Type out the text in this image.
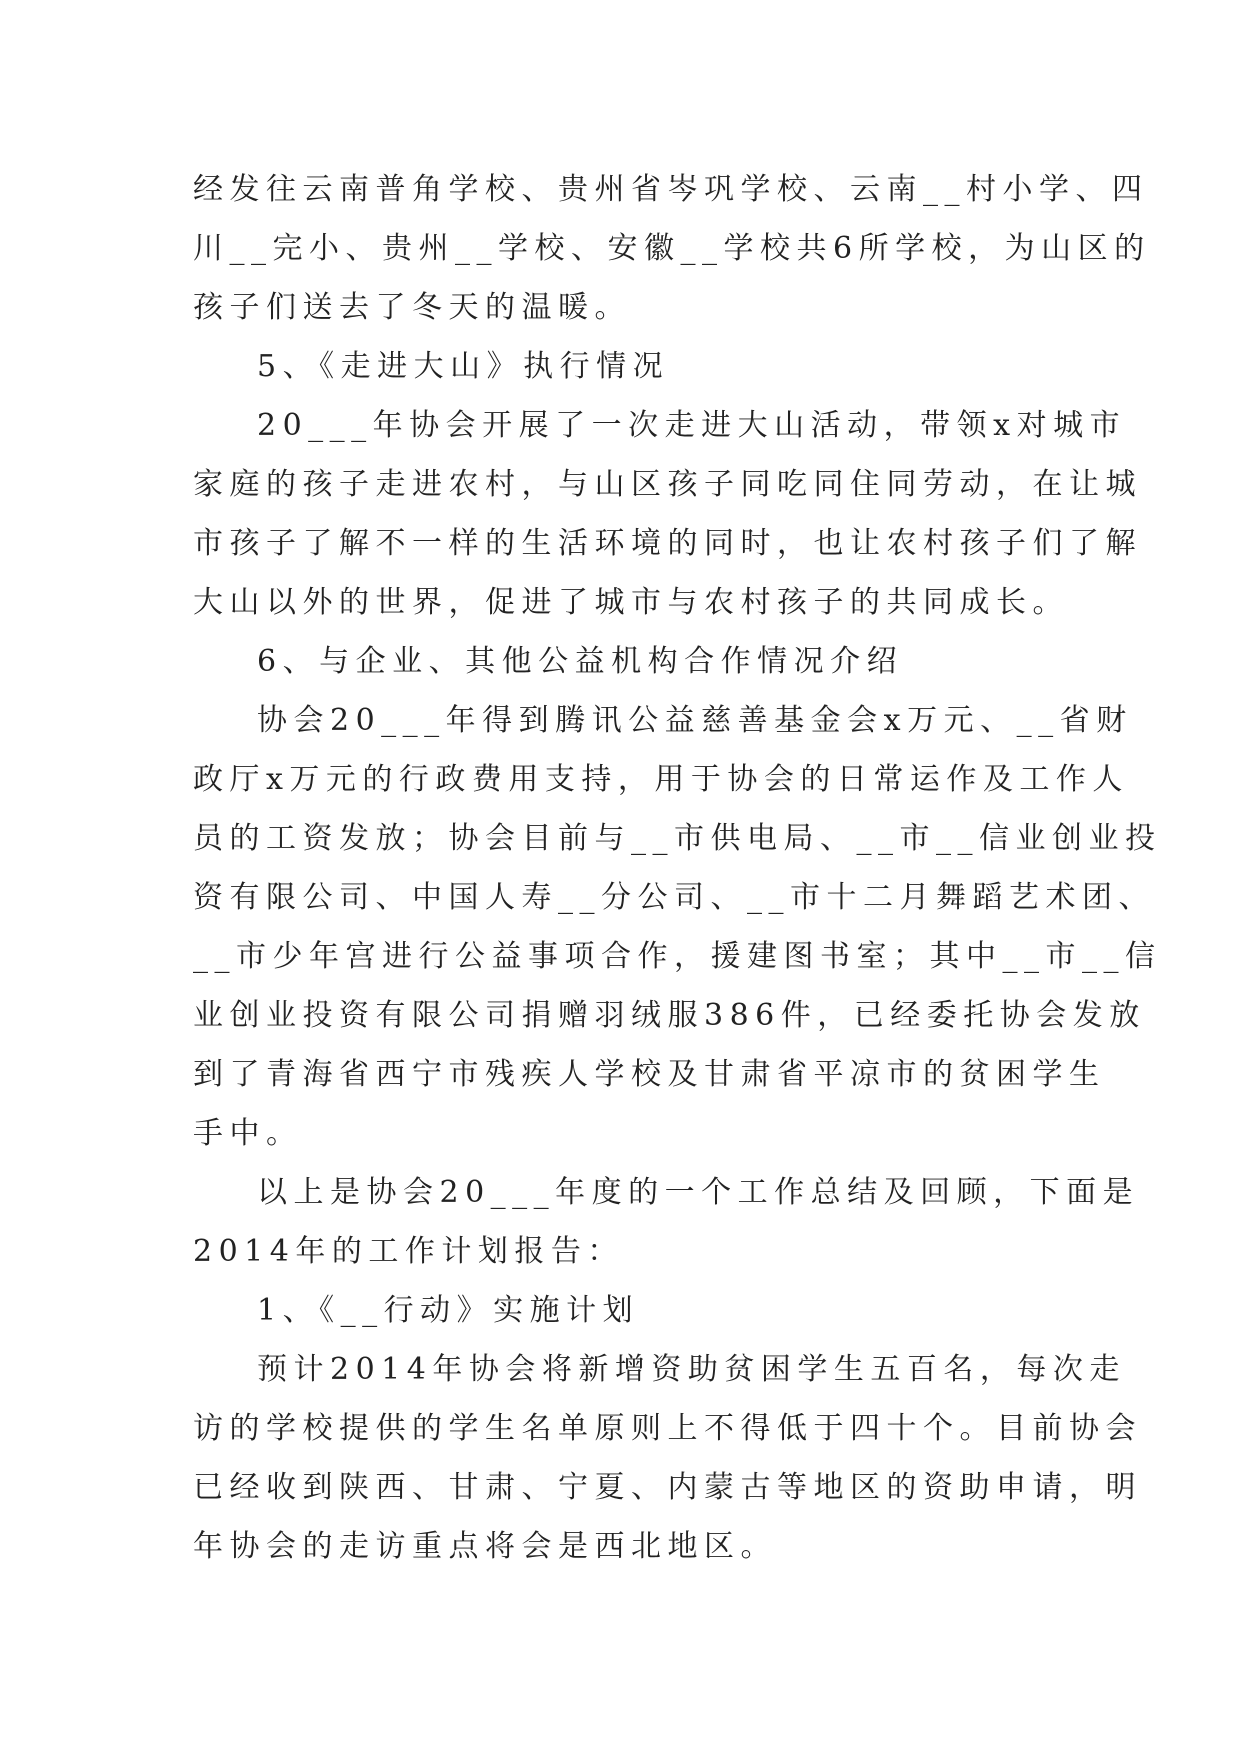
经发往云南普角学校、贵州省岑巩学校、云南__村小学、四
川__完小、贵州__学校、安徽__学校共6所学校，为山区的
孩子们送去了冬天的温暖。
5、《走进大山》执行情况
20___年协会开展了一次走进大山活动，带领x对城市
家庭的孩子走进农村，与山区孩子同吃同住同劳动，在让城
市孩子了解不一样的生活环境的同时，也让农村孩子们了解
大山以外的世界，促进了城市与农村孩子的共同成长。
6、与企业、其他公益机构合作情况介绍
协会20___年得到腾讯公益慈善基金会x万元、__省财
政厅x万元的行政费用支持，用于协会的日常运作及工作人
员的工资发放；协会目前与__市供电局、__市__信业创业投
资有限公司、中国人寿__分公司、__市十二月舞蹈艺术团、
__市少年宫进行公益事项合作，援建图书室；其中__市__信
业创业投资有限公司捐赠羽绒服386件，已经委托协会发放
到了青海省西宁市残疾人学校及甘肃省平凉市的贫困学生
手中。
以上是协会20___年度的一个工作总结及回顾，下面是
2014年的工作计划报告：
1、《__行动》实施计划
预计2014年协会将新增资助贫困学生五百名，每次走
访的学校提供的学生名单原则上不得低于四十个。目前协会
已经收到陕西、甘肃、宁夏、内蒙古等地区的资助申请，明
年协会的走访重点将会是西北地区。
